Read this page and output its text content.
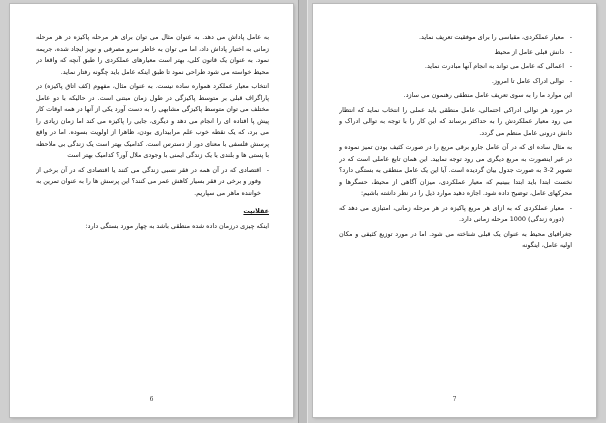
به عامل پاداش می دهد. به عنوان مثال می توان برای هر مرحله پاکیزه در هر مرحله زمانی به اختیار پاداش داد، اما می توان به خاطر سرو مصرفی و نویز ایجاد شده، جریمه نمود. به عنوان یک قانون کلی، بهتر است معیارهای عملکردی را طبق آنچه که واقعا در محیط خواسته می شود طراحی نمود تا طبق اینکه عامل باید چگونه رفتار نماید.

انتخاب معیار عملکرد همواره ساده نیست. به عنوان مثال، مفهوم (کف اتاق پاکیزه) در پاراگراف قبلی بر متوسط پاکیزگی در طول زمان مبتنی است. در حالیکه با دو عامل مختلف می توان متوسط پاکیزگی مشابهی را به دست آورد یکی از آنها در همه اوقات کار پیش پا افتاده ای را انجام می دهد و دیگری، جایی را پاکیزه می کند اما زمان زیادی را می برد، که یک نقطه خوب علم مرابیداری بودن، ظاهرا از اولویت بسوده. اما در واقع پرسش فلسفی با معنای دور از دسترس است. کدامیک بهتر است یک زندگی بی ملاحظه با پستی ها و بلندی یا یک زندگی ایمنی با وجودی ملال آور؟ کدامیک بهتر است

- اقتصادی که در آن همه در فقر نسبی زندگی می کنند یا اقتصادی که در آن برخی از وفور و برخی در فقر بسیار کاهش عمر می کنند؟ این پرسش ها را به عنوان تمرین به خواننده ماهر می سپاریم.

عقلانیت

اینکه چیزی درزمان داده شده منطقی باشد به چهار مورد بستگی دارد:

6

- معیار عملکردی، مقیاسی را برای موفقیت تعریف نماید.

- دانش قبلی عامل از محیط

- اعمالی که عامل می تواند به انجام آنها مبادرت نماید.

- توالی ادراک عامل تا امروز.

این موارد ما را به سوی تعریف عامل منطقی رهنمون می سازد.

در مورد هر توالی ادراکی احتمالی، عامل منطقی باید عملی را انتخاب نماید که انتظار می رود معیار عملکردش را به حداکثر برساند که این کار را با توجه به توالی ادراک و دانش درونی عامل منظم می گردد.

به مثال ساده ای که در آن عامل جارو برقی مربع را در صورت کثیف بودن تمیز نموده و در غیر اینصورت به مربع دیگری می رود توجه نمایید. این همان تابع عاملی است که در تصویر 2-3 به صورت جدول بیان گردیده است. آیا این یک عامل منطقی به بستگی دارد؟ نخست ابتدا باید ابتدا ببینیم که معیار عملکردی، میزان آگاهی از محیط، حسگرها و محرکهای عامل، توضیح داده شود. اجازه دهید موارد ذیل را در نظر داشته باشیم:

- معیار عملکردی که به ازای هر مربع پاکیزه در هر مرحله زمانی، امتیازی می دهد که (دوره زندگی) 1000 مرحله زمانی دارد.

جغرافیای محیط به عنوان یک قبلی شناخته می شود. اما در مورد توزیع کثیفی و مکان اولیه عامل، اینگونه

7
